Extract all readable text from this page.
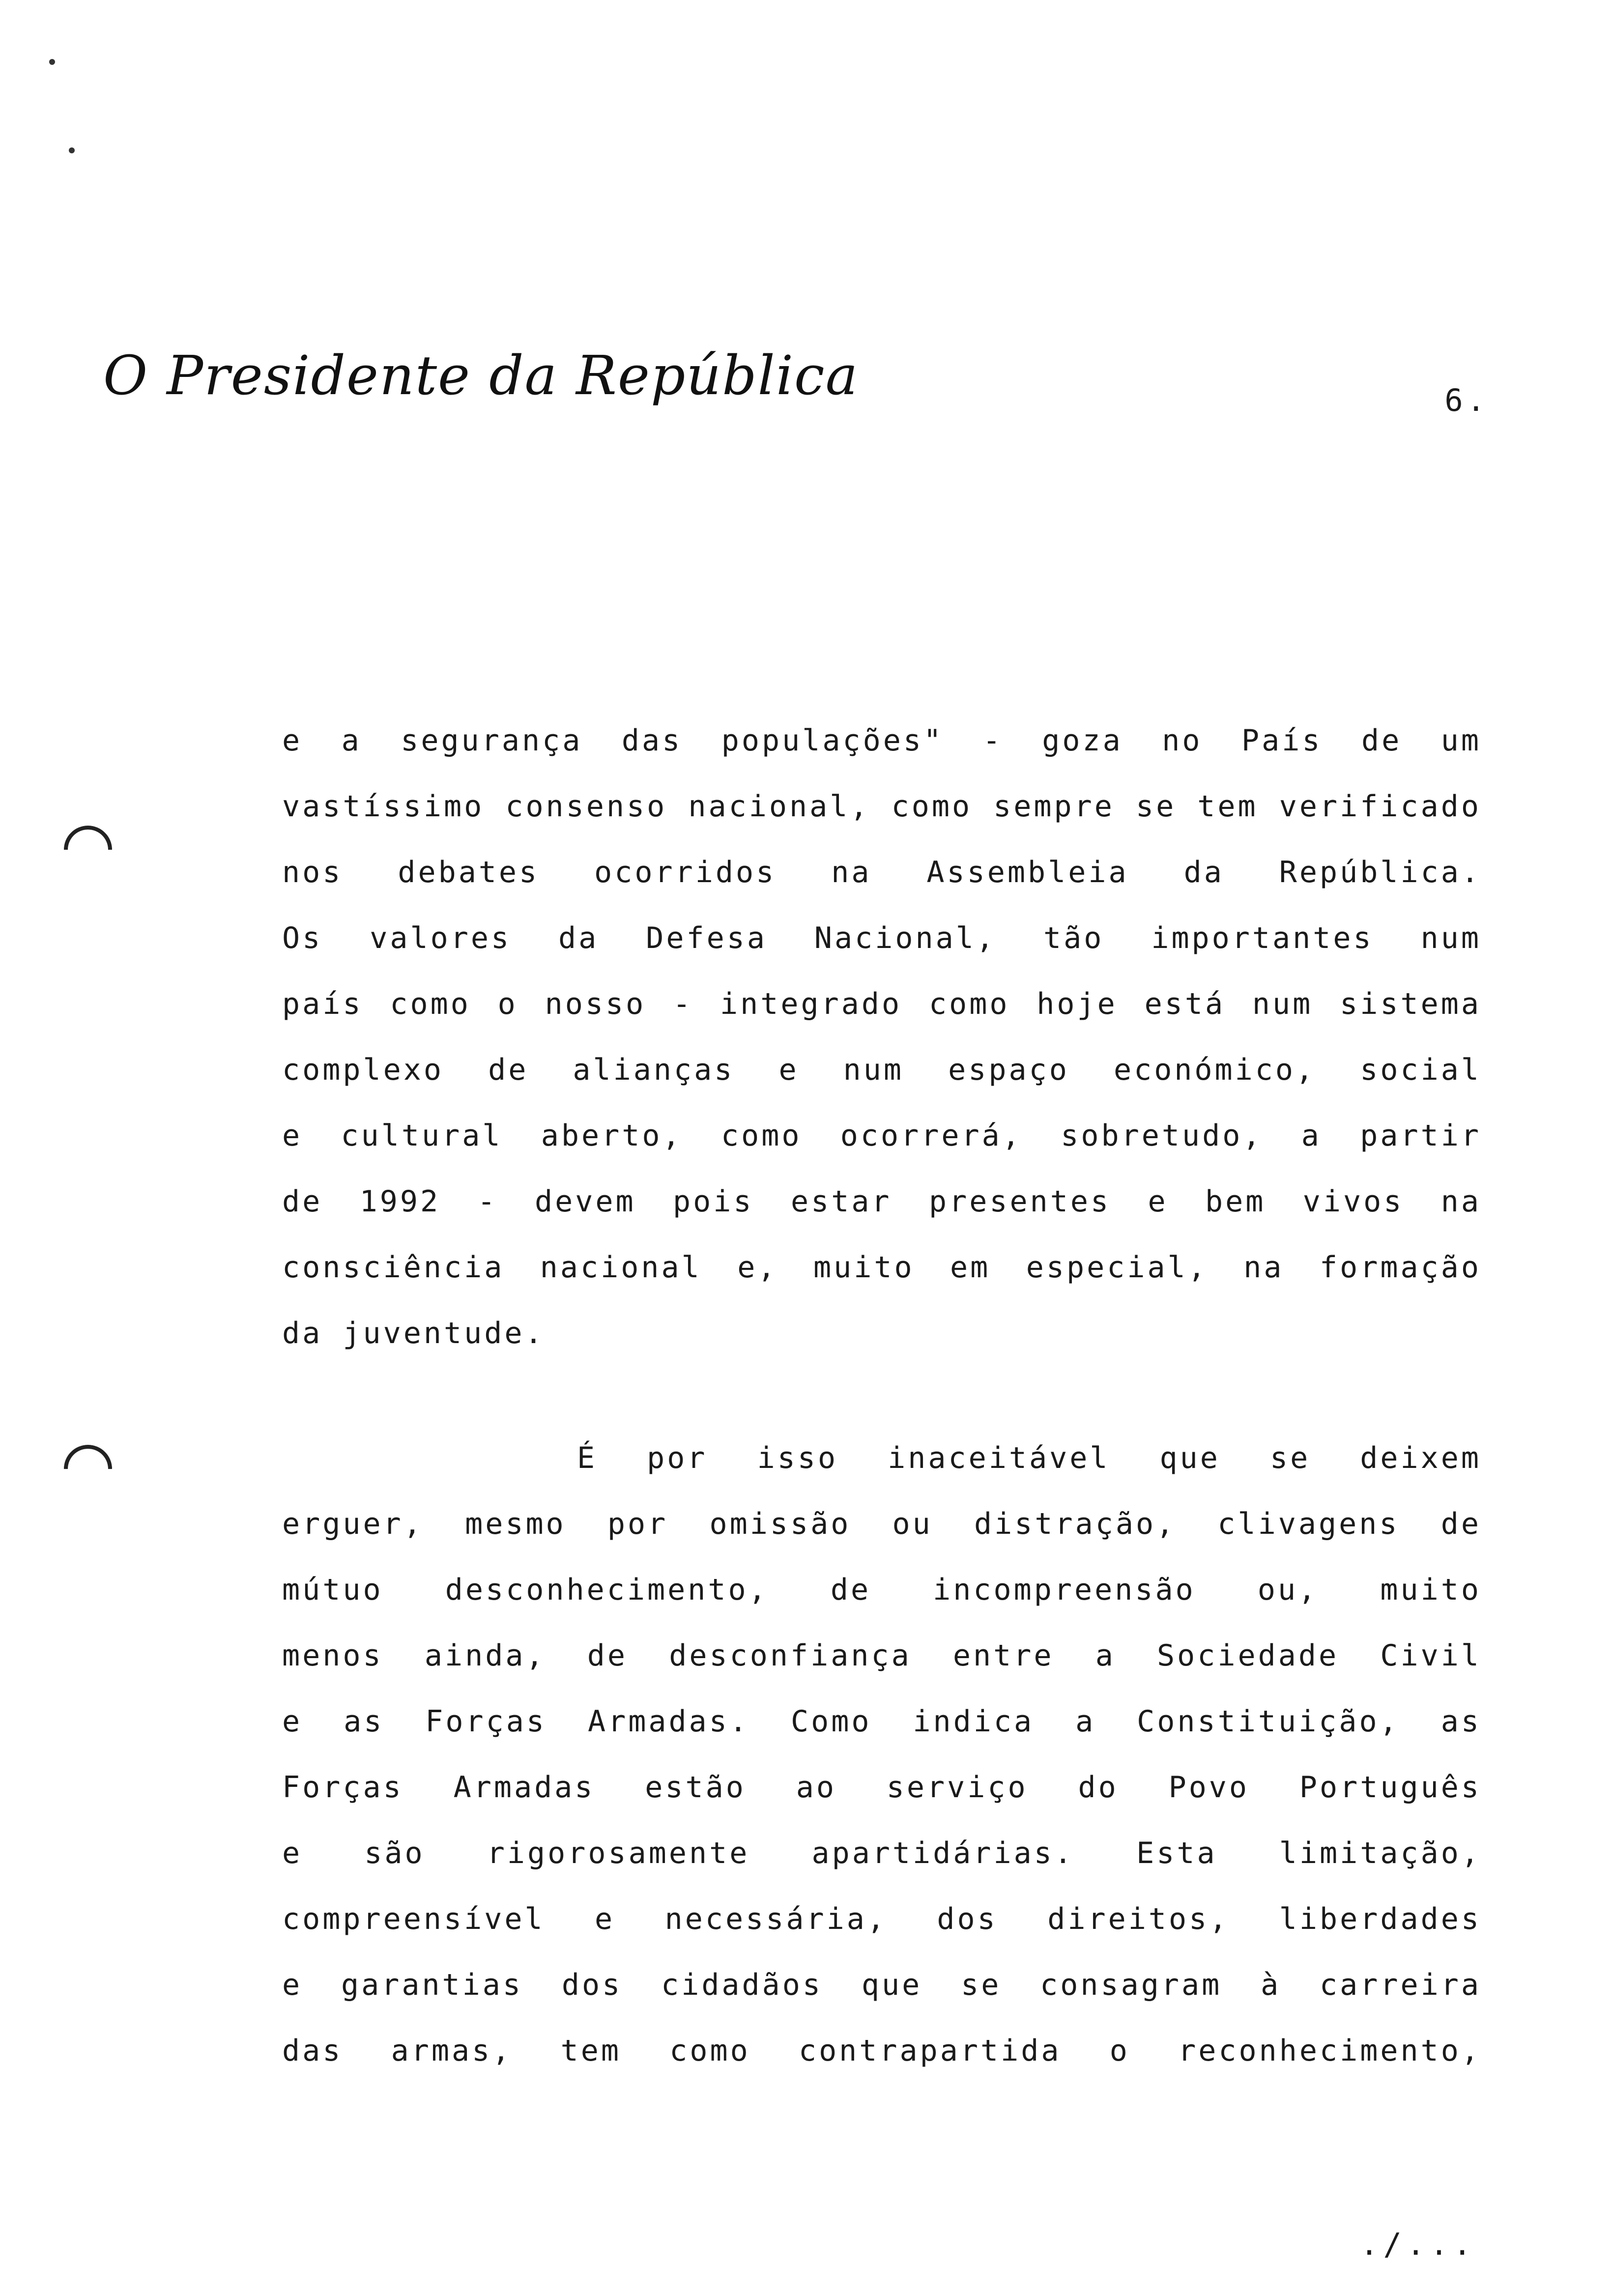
O Presidente da República	6.
e a segurança das populações" - goza no País de um
vastíssimo consenso nacional, como sempre se tem verificado
nos debates ocorridos na Assembleia da República.
Os valores da Defesa Nacional, tão importantes num
país como o nosso - integrado como hoje está num sistema
complexo de alianças e num espaço económico, social
e cultural aberto, como ocorrerá, sobretudo, a partir
de 1992 - devem pois estar presentes e bem vivos na
consciência nacional e, muito em especial, na formação
da juventude.
É por isso inaceitável que se deixem
erguer, mesmo por omissão ou distração, clivagens de
mútuo desconhecimento, de incompreensão ou, muito
menos ainda, de desconfiança entre a Sociedade Civil
e as Forças Armadas. Como indica a Constituição, as
Forças Armadas estão ao serviço do Povo Português
e são rigorosamente apartidárias. Esta limitação,
compreensível e necessária, dos direitos, liberdades
e garantias dos cidadãos que se consagram à carreira
das armas, tem como contrapartida o reconhecimento,
./...
